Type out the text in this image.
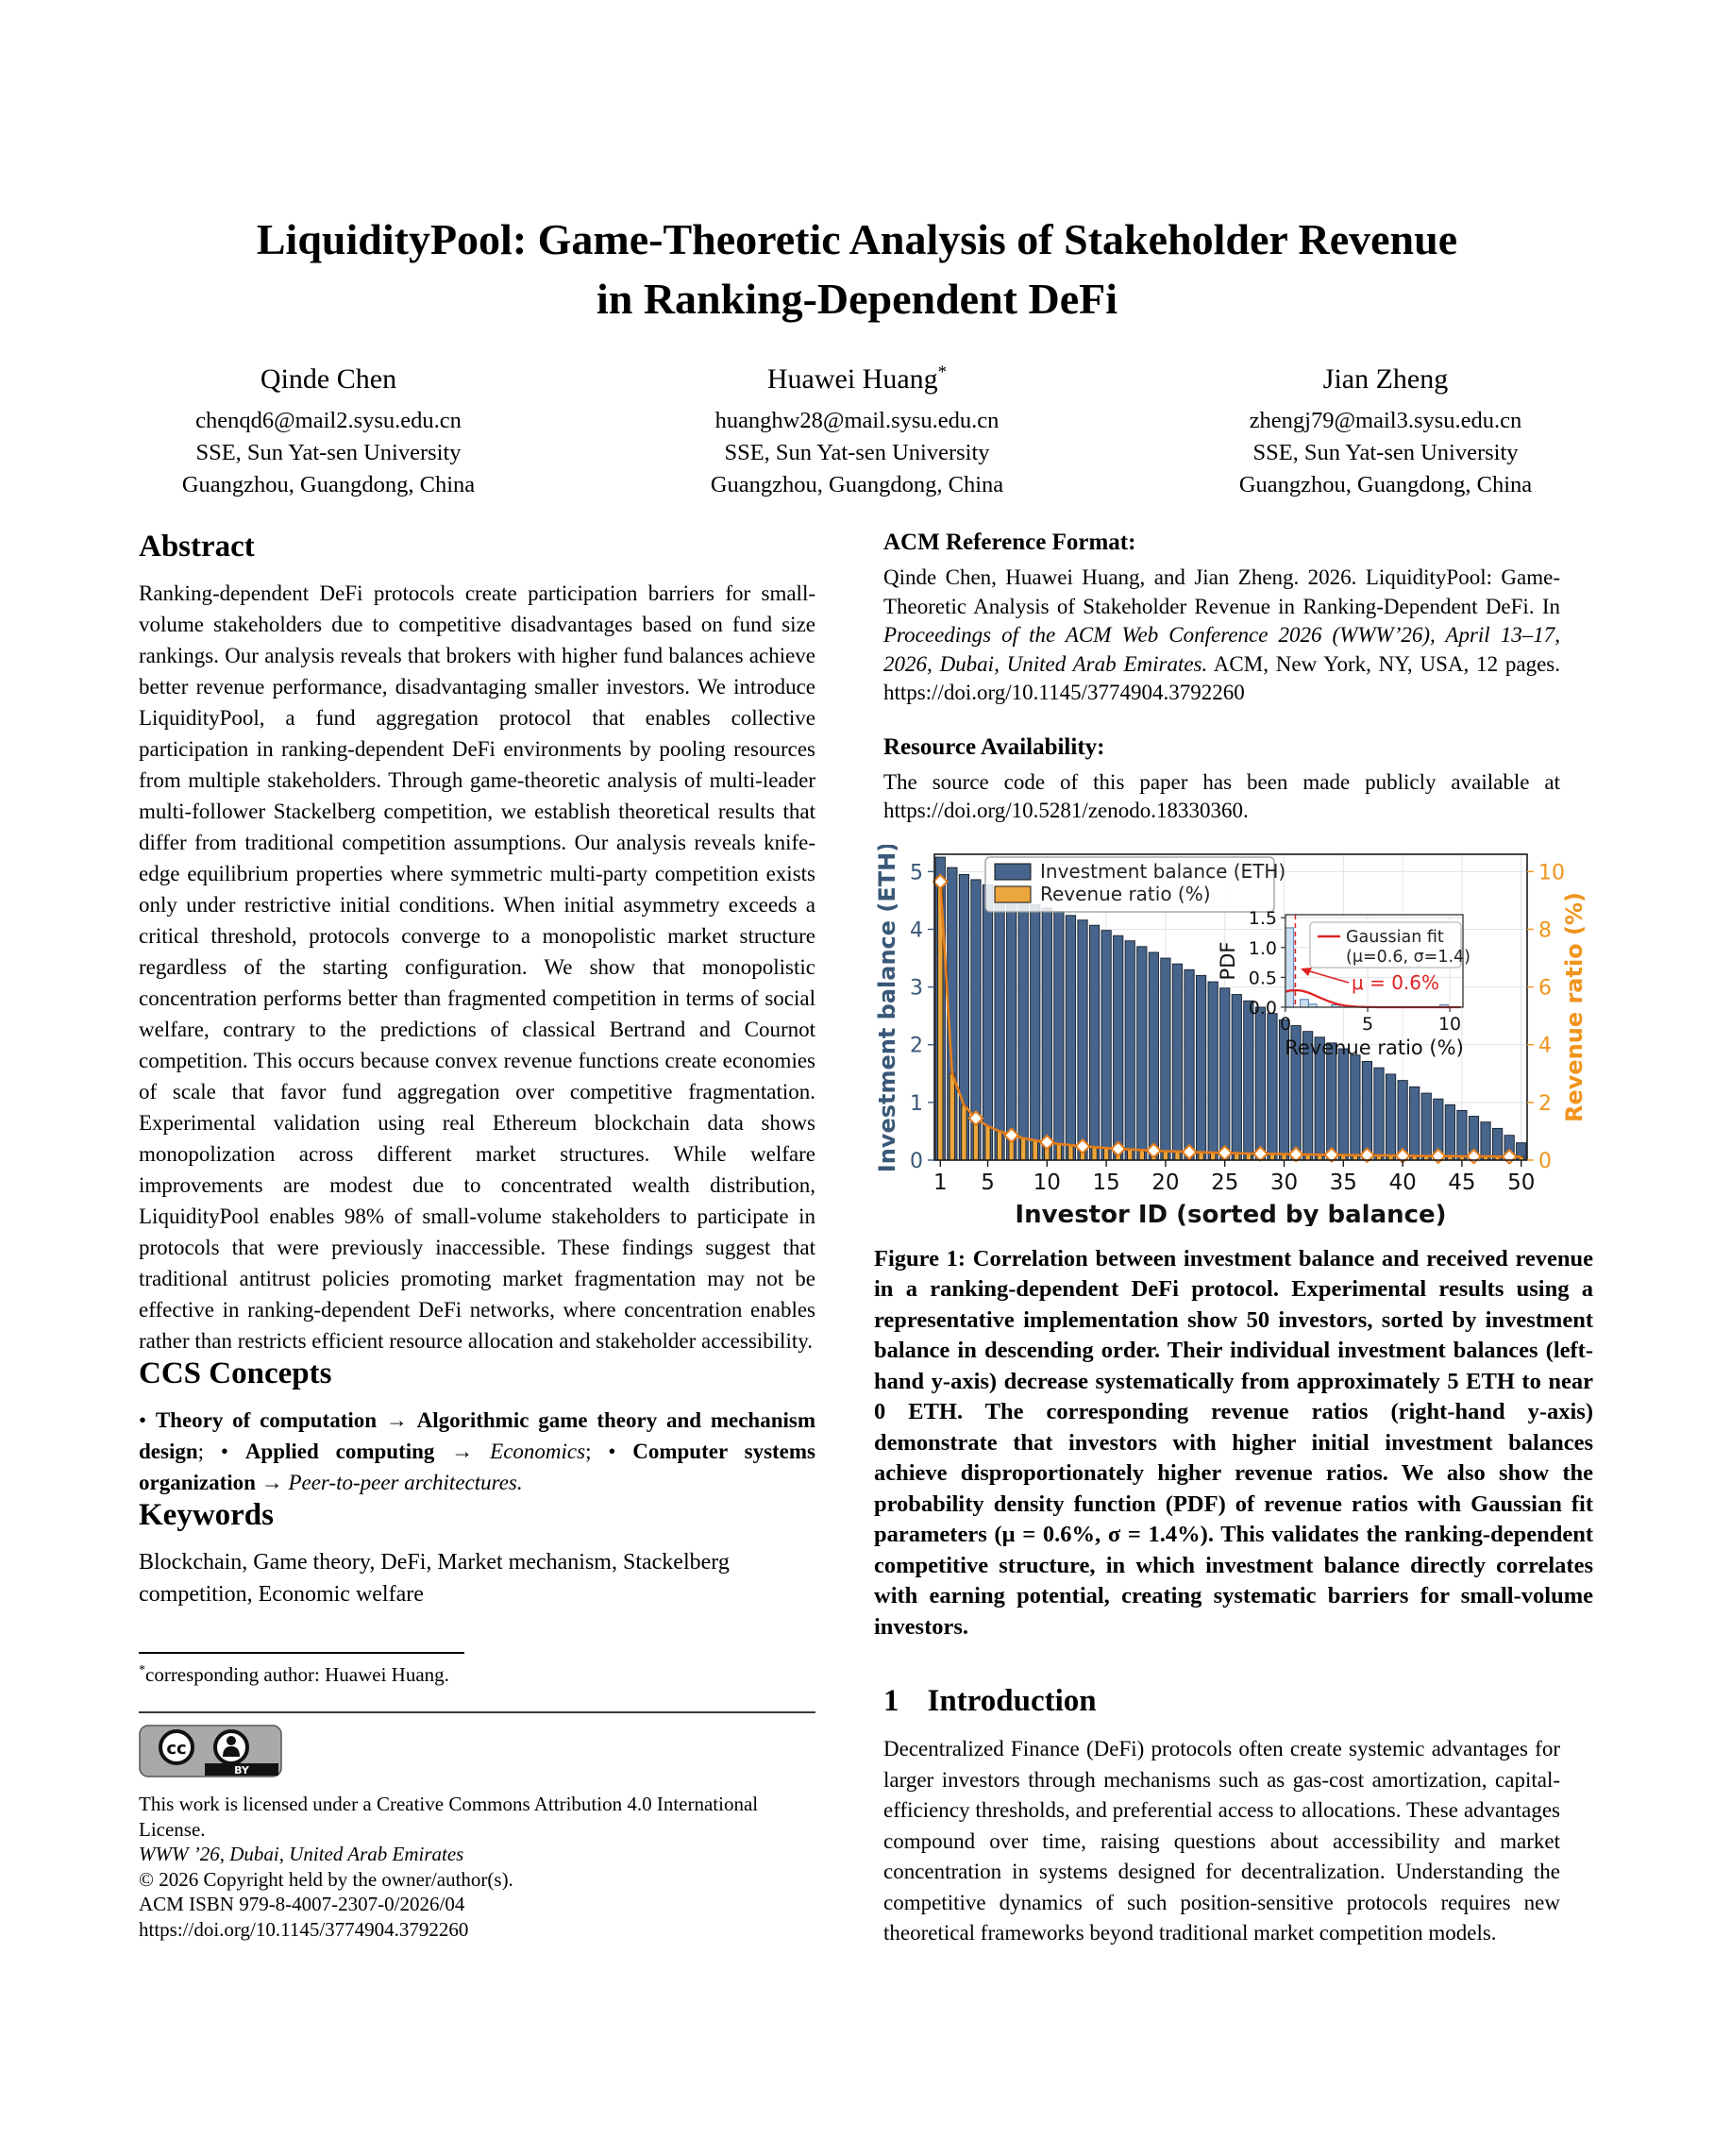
LiquidityPool: Game-Theoretic Analysis of Stakeholder Revenue
in Ranking-Dependent DeFi
Qinde Chen
chenqd6@mail2.sysu.edu.cn
SSE, Sun Yat-sen University
Guangzhou, Guangdong, China
Huawei Huang*
huanghw28@mail.sysu.edu.cn
SSE, Sun Yat-sen University
Guangzhou, Guangdong, China
Jian Zheng
zhengj79@mail3.sysu.edu.cn
SSE, Sun Yat-sen University
Guangzhou, Guangdong, China
Abstract

Ranking-dependent DeFi protocols create participation barriers for small-volume stakeholders due to competitive disadvantages based on fund size rankings. Our analysis reveals that brokers with higher fund balances achieve better revenue performance, disadvantaging smaller investors. We introduce LiquidityPool, a fund aggregation protocol that enables collective participation in ranking-dependent DeFi environments by pooling resources from multiple stakeholders. Through game-theoretic analysis of multi-leader multi-follower Stackelberg competition, we establish theoretical results that differ from traditional competition assumptions. Our analysis reveals knife-edge equilibrium properties where symmetric multi-party competition exists only under restrictive initial conditions. When initial asymmetry exceeds a critical threshold, protocols converge to a monopolistic market structure regardless of the starting configuration. We show that monopolistic concentration performs better than fragmented competition in terms of social welfare, contrary to the predictions of classical Bertrand and Cournot competition. This occurs because convex revenue functions create economies of scale that favor fund aggregation over competitive fragmentation. Experimental validation using real Ethereum blockchain data shows monopolization across different market structures. While welfare improvements are modest due to concentrated wealth distribution, LiquidityPool enables 98% of small-volume stakeholders to participate in protocols that were previously inaccessible. These findings suggest that traditional antitrust policies promoting market fragmentation may not be effective in ranking-dependent DeFi networks, where concentration enables rather than restricts efficient resource allocation and stakeholder accessibility.

CCS Concepts

• Theory of computation → Algorithmic game theory and mechanism design; • Applied computing → Economics; • Computer systems organization → Peer-to-peer architectures.

Keywords

Blockchain, Game theory, DeFi, Market mechanism, Stackelberg competition, Economic welfare

*corresponding author: Huawei Huang.

cc
BY
This work is licensed under a Creative Commons Attribution 4.0 International License.
WWW ’26, Dubai, United Arab Emirates
© 2026 Copyright held by the owner/author(s).
ACM ISBN 979-8-4007-2307-0/2026/04
https://doi.org/10.1145/3774904.3792260

ACM Reference Format:

Qinde Chen, Huawei Huang, and Jian Zheng. 2026. LiquidityPool: Game-Theoretic Analysis of Stakeholder Revenue in Ranking-Dependent DeFi. In Proceedings of the ACM Web Conference 2026 (WWW’26), April 13–17, 2026, Dubai, United Arab Emirates. ACM, New York, NY, USA, 12 pages. https://doi.org/10.1145/3774904.3792260

Resource Availability:

The source code of this paper has been made publicly available at https://doi.org/10.5281/zenodo.18330360.

1 5 10 15 20 25 30 35 40 45 50
0
1
2
3
4
5
0
2
4
6
8
10
Investment balance (ETH)	Revenue ratio (%)
Investor ID (sorted by balance)
Investment balance (ETH)
Revenue ratio (%)
0.0
0.5
1.0
1.5
0	5	10
PDF
Revenue ratio (%)
Gaussian fit
(μ=0.6, σ=1.4)
μ = 0.6%

Figure 1: Correlation between investment balance and received revenue in a ranking-dependent DeFi protocol. Experimental results using a representative implementation show 50 investors, sorted by investment balance in descending order. Their individual investment balances (left-hand y-axis) decrease systematically from approximately 5 ETH to near 0 ETH. The corresponding revenue ratios (right-hand y-axis) demonstrate that investors with higher initial investment balances achieve disproportionately higher revenue ratios. We also show the probability density function (PDF) of revenue ratios with Gaussian fit parameters (μ = 0.6%, σ = 1.4%). This validates the ranking-dependent competitive structure, in which investment balance directly correlates with earning potential, creating systematic barriers for small-volume investors.

1 Introduction

Decentralized Finance (DeFi) protocols often create systemic advantages for larger investors through mechanisms such as gas-cost amortization, capital-efficiency thresholds, and preferential access to allocations. These advantages compound over time, raising questions about accessibility and market concentration in systems designed for decentralization. Understanding the competitive dynamics of such position-sensitive protocols requires new theoretical frameworks beyond traditional market competition models.
